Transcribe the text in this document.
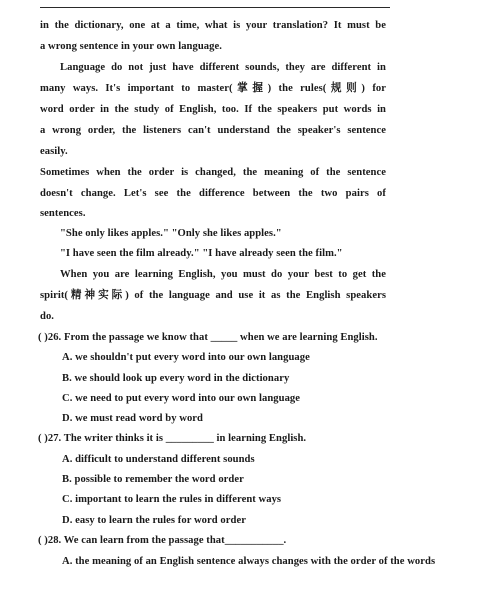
in the dictionary, one at a time, what is your translation? It must be
a wrong sentence in your own language.
Language do not just have different sounds, they are different in
many ways. It's important to master(掌握) the rules(规则) for
word order in the study of English, too. If the speakers put words in
a wrong order, the listeners can't understand the speaker's sentence
easily.
Sometimes when the order is changed, the meaning of the sentence
doesn't change. Let's see the difference between the two pairs of
sentences.
"She only likes apples." "Only she likes apples."
"I have seen the film already." "I have already seen the film."
When you are learning English, you must do your best to get the
spirit(精神实际) of the language and use it as the English speakers
do.
( )26. From the passage we know that _____ when we are learning English.
A. we shouldn't put every word into our own language
B. we should look up every word in the dictionary
C. we need to put every word into our own language
D. we must read word by word
( )27. The writer thinks it is _________ in learning English.
A. difficult to understand different sounds
B. possible to remember the word order
C. important to learn the rules in different ways
D. easy to learn the rules for word order
( )28. We can learn from the passage that___________.
A. the meaning of an English sentence always changes with the order of the words
